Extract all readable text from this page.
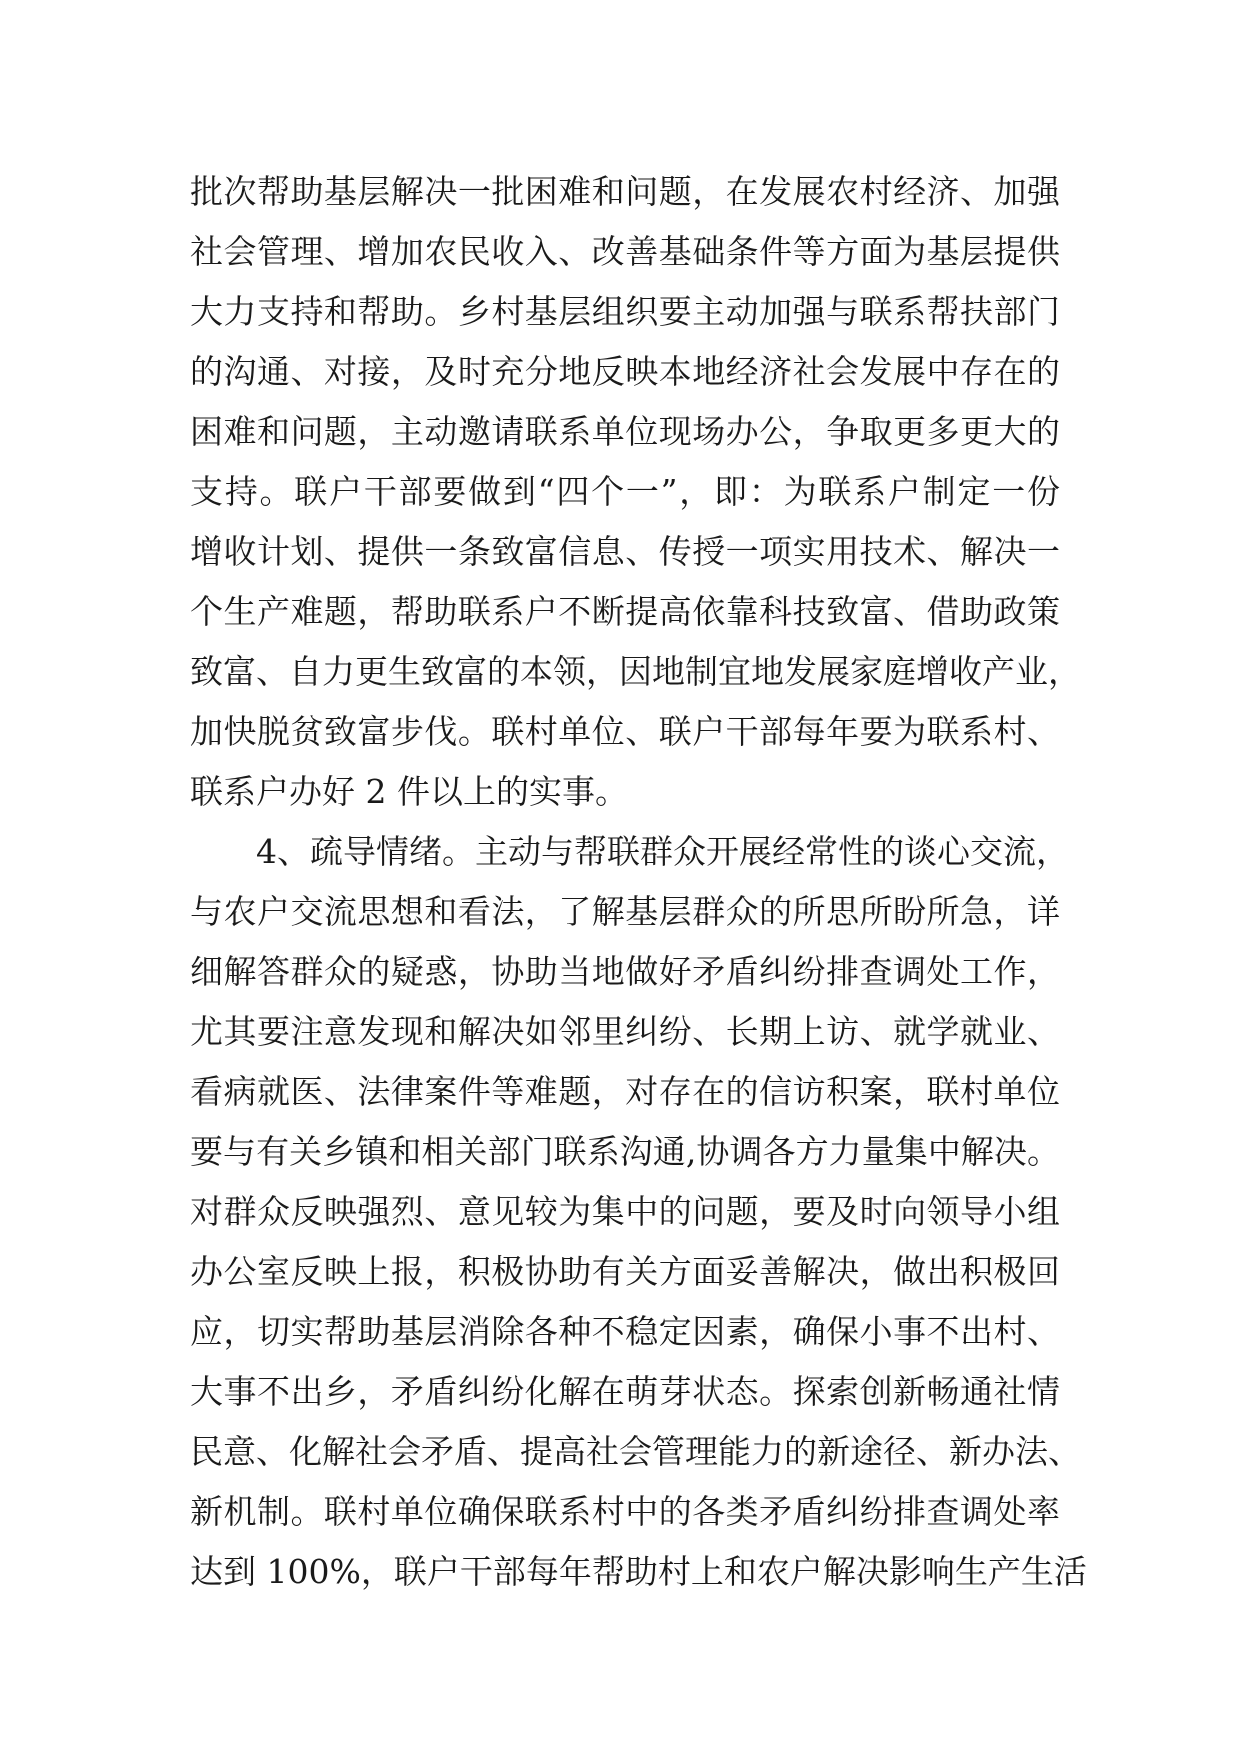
批次帮助基层解决一批困难和问题，在发展农村经济、加强
社会管理、增加农民收入、改善基础条件等方面为基层提供
大力支持和帮助。乡村基层组织要主动加强与联系帮扶部门
的沟通、对接，及时充分地反映本地经济社会发展中存在的
困难和问题，主动邀请联系单位现场办公，争取更多更大的
支持。联户干部要做到“四个一”，即：为联系户制定一份
增收计划、提供一条致富信息、传授一项实用技术、解决一
个生产难题，帮助联系户不断提高依靠科技致富、借助政策
致富、自力更生致富的本领，因地制宜地发展家庭增收产业，
加快脱贫致富步伐。联村单位、联户干部每年要为联系村、
联系户办好 2 件以上的实事。
4、疏导情绪。主动与帮联群众开展经常性的谈心交流，
与农户交流思想和看法，了解基层群众的所思所盼所急，详
细解答群众的疑惑，协助当地做好矛盾纠纷排查调处工作，
尤其要注意发现和解决如邻里纠纷、长期上访、就学就业、
看病就医、法律案件等难题，对存在的信访积案，联村单位
要与有关乡镇和相关部门联系沟通,协调各方力量集中解决。
对群众反映强烈、意见较为集中的问题，要及时向领导小组
办公室反映上报，积极协助有关方面妥善解决，做出积极回
应，切实帮助基层消除各种不稳定因素，确保小事不出村、
大事不出乡，矛盾纠纷化解在萌芽状态。探索创新畅通社情
民意、化解社会矛盾、提高社会管理能力的新途径、新办法、
新机制。联村单位确保联系村中的各类矛盾纠纷排查调处率
达到 100%，联户干部每年帮助村上和农户解决影响生产生活
